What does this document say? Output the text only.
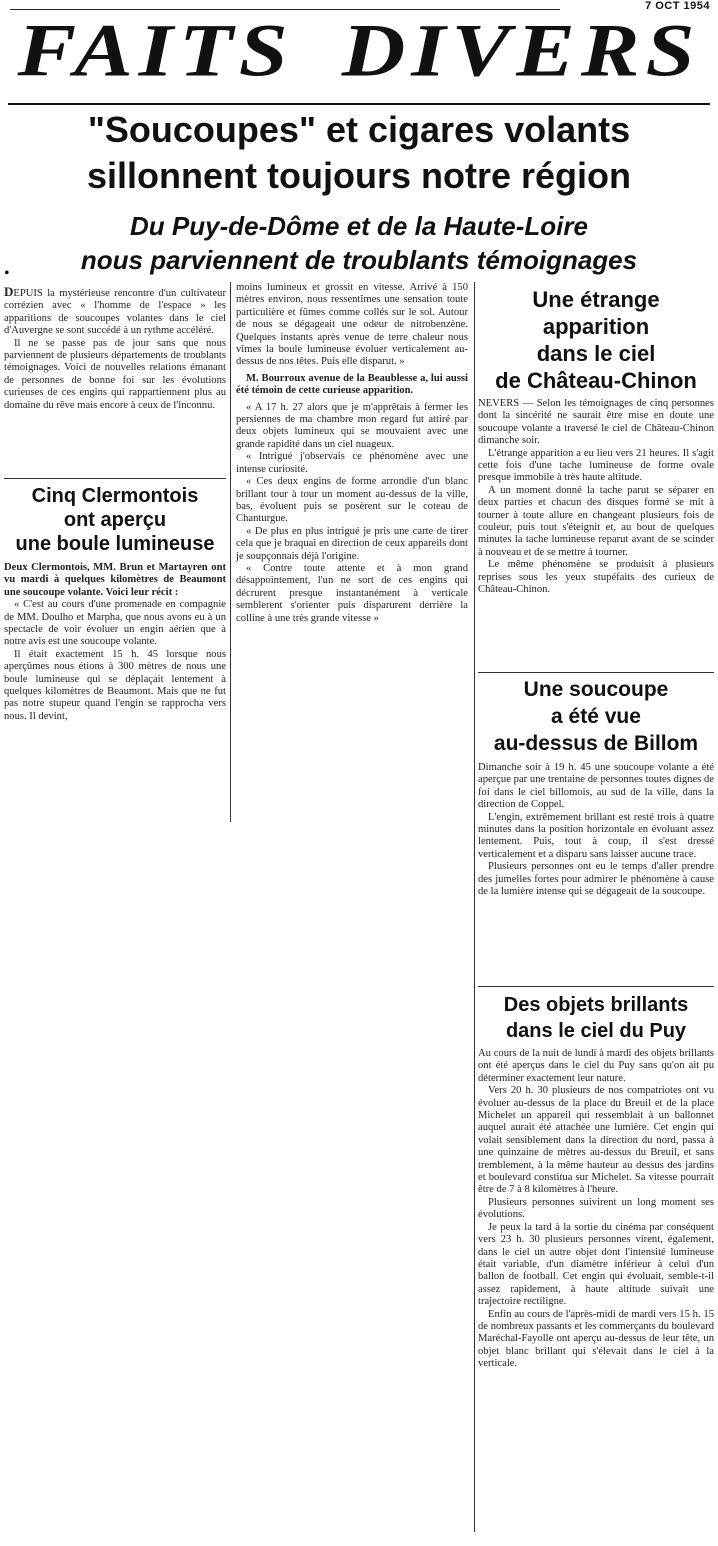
7 OCT 1954
FAITS DIVERS
"Soucoupes" et cigares volants
sillonnent toujours notre région
Du Puy-de-Dôme et de la Haute-Loire
nous parviennent de troublants témoignages
•

DEPUIS la mystérieuse rencontre d'un cultivateur corrézien avec « l'homme de l'espace » les apparitions de soucoupes volantes dans le ciel d'Auvergne se sont succédé à un rythme accéléré.

Il ne se passe pas de jour sans que nous parviennent de plusieurs départements de troublants témoignages. Voici de nouvelles relations émanant de personnes de bonne foi sur les évolutions curieuses de ces engins qui rappartiennent plus au domaine du rêve mais encore à ceux de l'inconnu.

Cinq Clermontois
ont aperçu
une boule lumineuse

Deux Clermontois, MM. Brun et Martayren ont vu mardi à quelques kilomètres de Beaumont une soucoupe volante. Voici leur récit :

« C'est au cours d'une promenade en compagnie de MM. Doulho et Marpha, que nous avons eu à un spectacle de voir évoluer un engin aérien que à notre avis est une soucoupe volante.

Il était exactement 15 h. 45 lorsque nous aperçûmes nous étions à 300 mètres de nous une boule lumineuse qui se déplaçait lentement à quelques kilomètres de Beaumont. Mais que ne fut pas notre stupeur quand l'engin se rapprocha vers nous. Il devint,

moins lumineux et grossit en vitesse. Arrivé à 150 mètres environ, nous ressentîmes une sensation toute particulière et fûmes comme collés sur le sol. Autour de nous se dégageait une odeur de nitrobenzène. Quelques instants après venue de terre chaleur nous vîmes la boule lumineuse évoluer verticalement au-dessus de nos têtes. Puis elle disparut. »

M. Bourroux avenue de la Beaublesse a, lui aussi été témoin de cette curieuse apparition.

« A 17 h. 27 alors que je m'apprêtais à fermer les persiennes de ma chambre mon regard fut attiré par deux objets lumineux qui se mouvaient avec une grande rapidité dans un ciel nuageux.

« Intrigué j'observais ce phénomène avec une intense curiosité.

« Ces deux engins de forme arrondie d'un blanc brillant tour à tour un moment au-dessus de la ville, bas, évoluent puis se posèrent sur le coteau de Chanturgue.

« De plus en plus intrigué je pris une carte de tirer cela que je braquai en direction de ceux appareils dont je soupçonnais déjà l'origine.

« Contre toute attente et à mon grand désappointement, l'un ne sort de ces engins qui décrurent presque instantanément à verticale semblerent s'orienter puis disparurent derrière la colline à une très grande vitesse »

Une étrange
apparition
dans le ciel
de Château-Chinon

NEVERS — Selon les témoignages de cinq personnes dont la sincérité ne saurait être mise en doute une soucoupe volante a traversé le ciel de Château-Chinon dimanche soir.

L'étrange apparition a eu lieu vers 21 heures. Il s'agit cette fois d'une tache lumineuse de forme ovale presque immobile à très haute altitude.

A un moment donné la tache parut se séparer en deux parties et chacun des disques formé se mit à tourner à toute allure en changeant plusieurs fois de couleur, puis tout s'éteignit et, au bout de quelques minutes la tache lumineuse reparut avant de se scinder à nouveau et de se mettre à tourner.

Le même phénomène se produisit à plusieurs reprises sous les yeux stupéfaits des curieux de Château-Chinon.

Une soucoupe
a été vue
au-dessus de Billom

Dimanche soir à 19 h. 45 une soucoupe volante a été aperçue par une trentaine de personnes toutes dignes de foi dans le ciel billomois, au sud de la ville, dans la direction de Coppel.

L'engin, extrêmement brillant est resté trois à quatre minutes dans la position horizontale en évoluant assez lentement. Puis, tout à coup, il s'est dressé verticalement et a disparu sans laisser aucune trace.

Plusieurs personnes ont eu le temps d'aller prendre des jumelles fortes pour admirer le phénomène à cause de la lumière intense qui se dégageait de la soucoupe.

Des objets brillants
dans le ciel du Puy

Au cours de la nuit de lundi à mardi des objets brillants ont été aperçus dans le ciel du Puy sans qu'on ait pu déterminer exactement leur nature.

Vers 20 h. 30 plusieurs de nos compatriotes ont vu évoluer au-dessus de la place du Breuil et de la place Michelet un appareil qui ressemblait à un ballonnet auquel aurait été attachée une lumière. Cet engin qui volait sensiblement dans la direction du nord, passa à une quinzaine de mètres au-dessus du Breuil, et sans tremblement, à la même hauteur au dessus des jardins et boulevard constitua sur Michelet. Sa vitesse pourrait être de 7 à 8 kilomètres à l'heure.

Plusieurs personnes suivirent un long moment ses évolutions.

Je peux la tard à la sortie du cinéma par conséquent vers 23 h. 30 plusieurs personnes virent, également, dans le ciel un autre objet dont l'intensité lumineuse était variable, d'un diamètre inférieur à celui d'un ballon de football. Cet engin qui évoluait, semble-t-il assez rapidement, à haute altitude suivait une trajectoire rectiligne.

Enfin au cours de l'après-midi de mardi vers 15 h. 15 de nombreux passants et les commerçants du boulevard Maréchal-Fayolle ont aperçu au-dessus de leur tête, un objet blanc brillant qui s'élevait dans le ciel à la verticale.
